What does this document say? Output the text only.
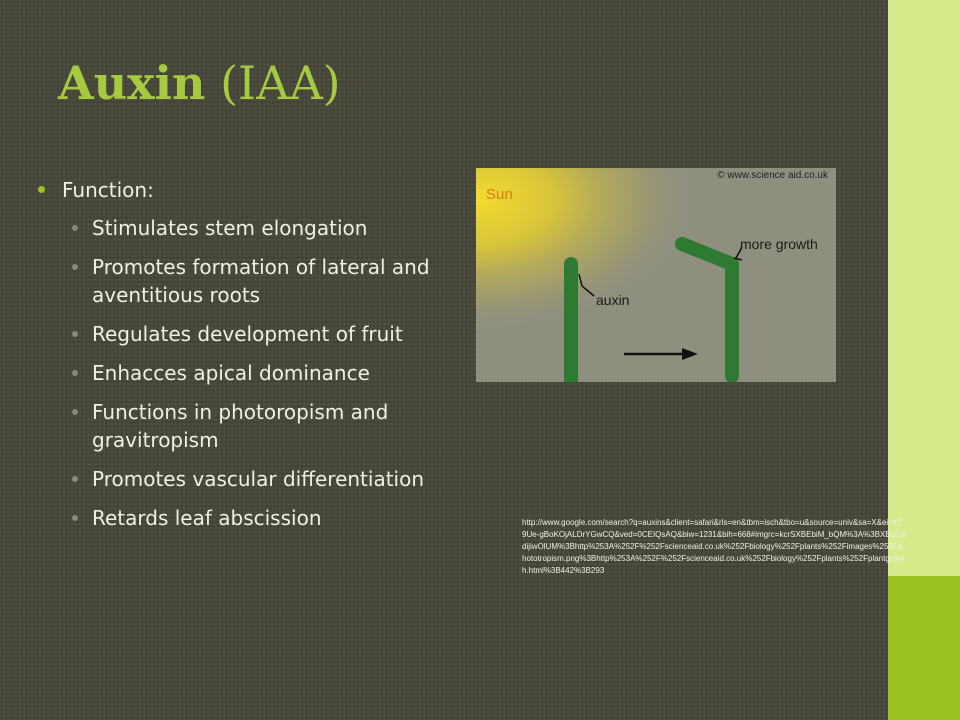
Auxin (IAA)
Function:
Stimulates stem elongation
Promotes formation of lateral and aventitious roots
Regulates development of fruit
Enhacces apical dominance
Functions in photoropism and gravitropism
Promotes vascular differentiation
Retards leaf abscission
© www.science aid.co.uk
Sun
more growth
auxin
http://www.google.com/search?q=auxins&client=safari&rls=en&tbm=isch&tbo=u&source=univ&sa=X&ei=lfZ9Ue-gBoKOjALDrYGwCQ&ved=0CEIQsAQ&biw=1231&bih=668#imgrc=kcrSXBEbiM_bQM%3A%3BXBqG6dijiwOlUM%3Bhttp%253A%252F%252Fscienceaid.co.uk%252Fbiology%252Fplants%252Fimages%252Fphototropism.png%3Bhttp%253A%252F%252Fscienceaid.co.uk%252Fbiology%252Fplants%252Fplantgrowth.html%3B442%3B293
